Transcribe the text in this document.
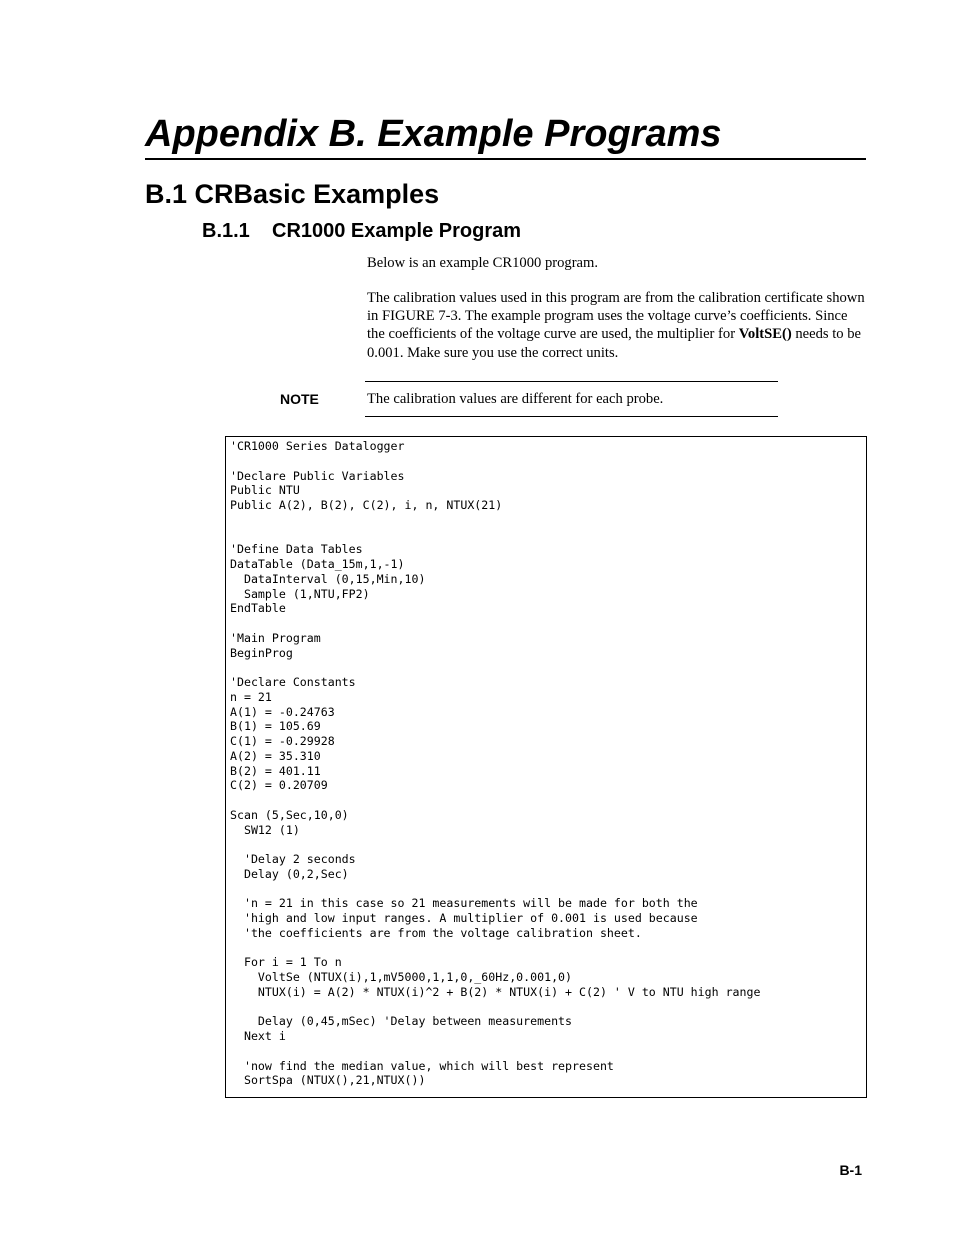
Appendix B. Example Programs
B.1 CRBasic Examples
B.1.1 CR1000 Example Program

Below is an example CR1000 program.

The calibration values used in this program are from the calibration certificate shown in FIGURE 7-3. The example program uses the voltage curve’s coefficients. Since the coefficients of the voltage curve are used, the multiplier for VoltSE() needs to be 0.001. Make sure you use the correct units.

NOTE	The calibration values are different for each probe.
'CR1000 Series Datalogger

'Declare Public Variables
Public NTU
Public A(2), B(2), C(2), i, n, NTUX(21)

'Define Data Tables
DataTable (Data_15m,1,-1)
DataInterval (0,15,Min,10)
Sample (1,NTU,FP2)
EndTable

'Main Program
BeginProg

'Declare Constants
n = 21
A(1) = -0.24763
B(1) = 105.69
C(1) = -0.29928
A(2) = 35.310
B(2) = 401.11
C(2) = 0.20709

Scan (5,Sec,10,0)
SW12 (1)

'Delay 2 seconds
Delay (0,2,Sec)

'n = 21 in this case so 21 measurements will be made for both the
'high and low input ranges. A multiplier of 0.001 is used because
'the coefficients are from the voltage calibration sheet.

For i = 1 To n
VoltSe (NTUX(i),1,mV5000,1,1,0,_60Hz,0.001,0)
NTUX(i) = A(2) * NTUX(i)^2 + B(2) * NTUX(i) + C(2) ' V to NTU high range

Delay (0,45,mSec) 'Delay between measurements
Next i

'now find the median value, which will best represent
SortSpa (NTUX(),21,NTUX())
B-1
